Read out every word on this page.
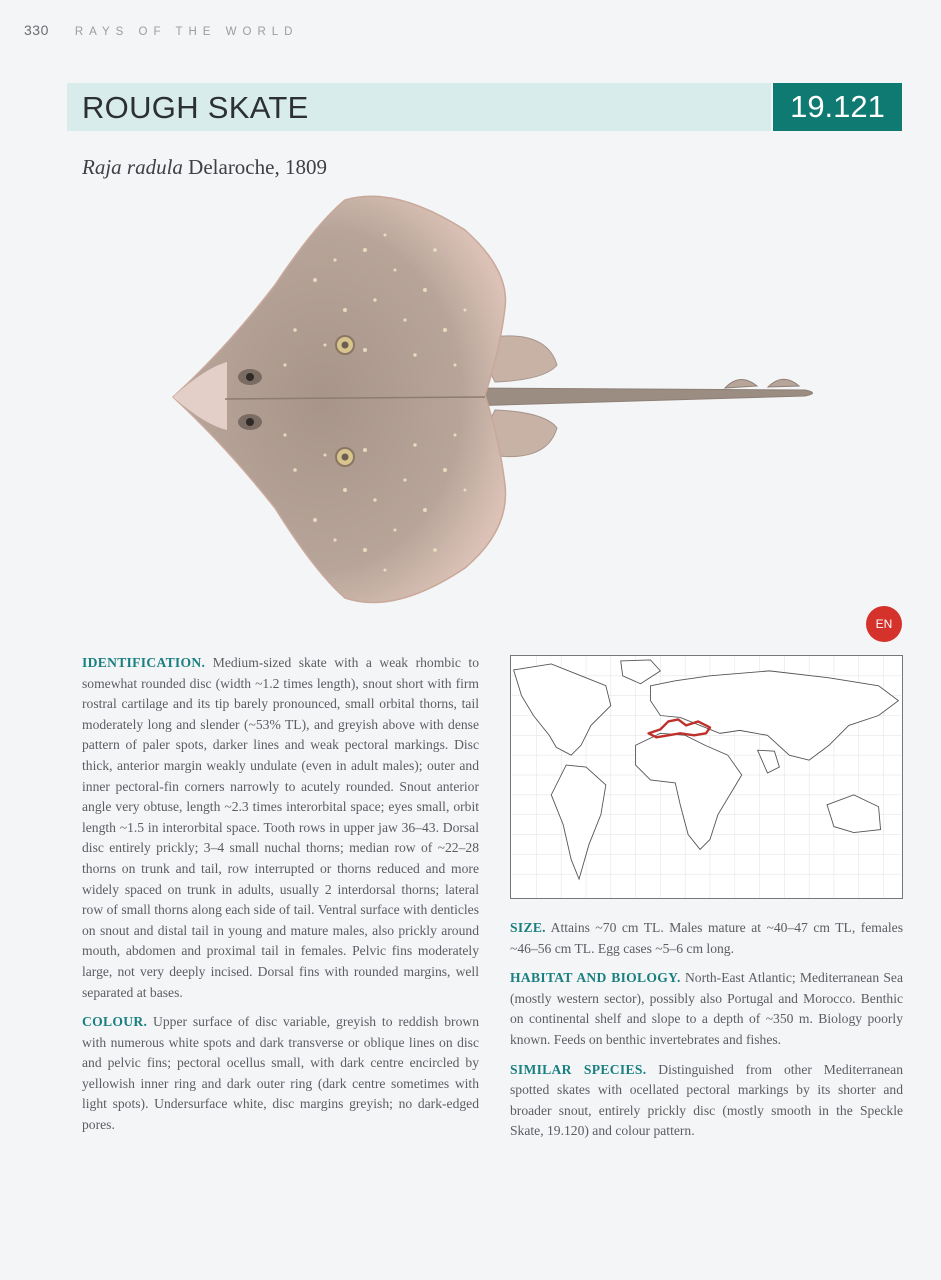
330 RAYS OF THE WORLD
ROUGH SKATE	19.121
Raja radula Delaroche, 1809
EN

IDENTIFICATION. Medium-sized skate with a weak rhombic to somewhat rounded disc (width ~1.2 times length), snout short with firm rostral cartilage and its tip barely pronounced, small orbital thorns, tail moderately long and slender (~53% TL), and greyish above with dense pattern of paler spots, darker lines and weak pectoral markings. Disc thick, anterior margin weakly undulate (even in adult males); outer and inner pectoral-fin corners narrowly to acutely rounded. Snout anterior angle very obtuse, length ~2.3 times interorbital space; eyes small, orbit length ~1.5 in interorbital space. Tooth rows in upper jaw 36–43. Dorsal disc entirely prickly; 3–4 small nuchal thorns; median row of ~22–28 thorns on trunk and tail, row interrupted or thorns reduced and more widely spaced on trunk in adults, usually 2 interdorsal thorns; lateral row of small thorns along each side of tail. Ventral surface with denticles on snout and distal tail in young and mature males, also prickly around mouth, abdomen and proximal tail in females. Pelvic fins moderately large, not very deeply incised. Dorsal fins with rounded margins, well separated at bases.

COLOUR. Upper surface of disc variable, greyish to reddish brown with numerous white spots and dark transverse or oblique lines on disc and pelvic fins; pectoral ocellus small, with dark centre encircled by yellowish inner ring and dark outer ring (dark centre sometimes with light spots). Undersurface white, disc margins greyish; no dark-edged pores.

SIZE. Attains ~70 cm TL. Males mature at ~40–47 cm TL, females ~46–56 cm TL. Egg cases ~5–6 cm long.

HABITAT AND BIOLOGY. North-East Atlantic; Mediterranean Sea (mostly western sector), possibly also Portugal and Morocco. Benthic on continental shelf and slope to a depth of ~350 m. Biology poorly known. Feeds on benthic invertebrates and fishes.

SIMILAR SPECIES. Distinguished from other Mediterranean spotted skates with ocellated pectoral markings by its shorter and broader snout, entirely prickly disc (mostly smooth in the Speckle Skate, 19.120) and colour pattern.
